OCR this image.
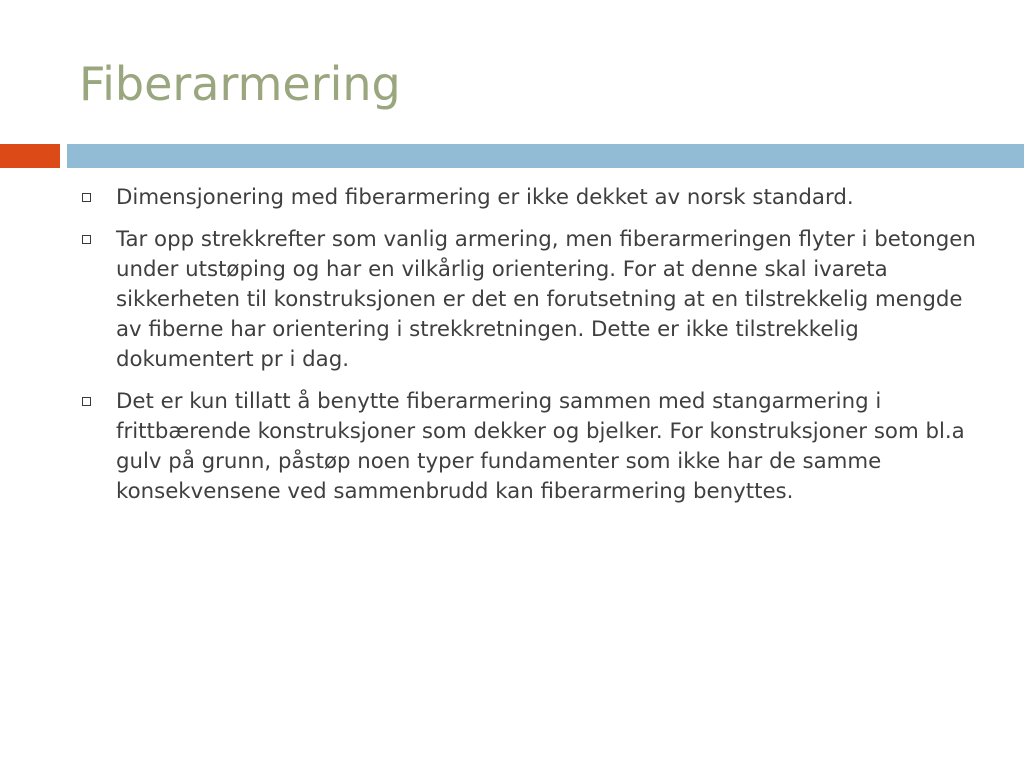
Fiberarmering
Dimensjonering med fiberarmering er ikke dekket av norsk standard.
Tar opp strekkrefter som vanlig armering, men fiberarmeringen flyter i betongen under utstøping og har en vilkårlig orientering. For at denne skal ivareta sikkerheten til konstruksjonen er det en forutsetning at en tilstrekkelig mengde av fiberne har orientering i strekkretningen. Dette er ikke tilstrekkelig dokumentert pr i dag.
Det er kun tillatt å benytte fiberarmering sammen med stangarmering i frittbærende konstruksjoner som dekker og bjelker. For konstruksjoner som bl.a gulv på grunn, påstøp noen typer fundamenter som ikke har de samme konsekvensene ved sammenbrudd kan fiberarmering benyttes.
